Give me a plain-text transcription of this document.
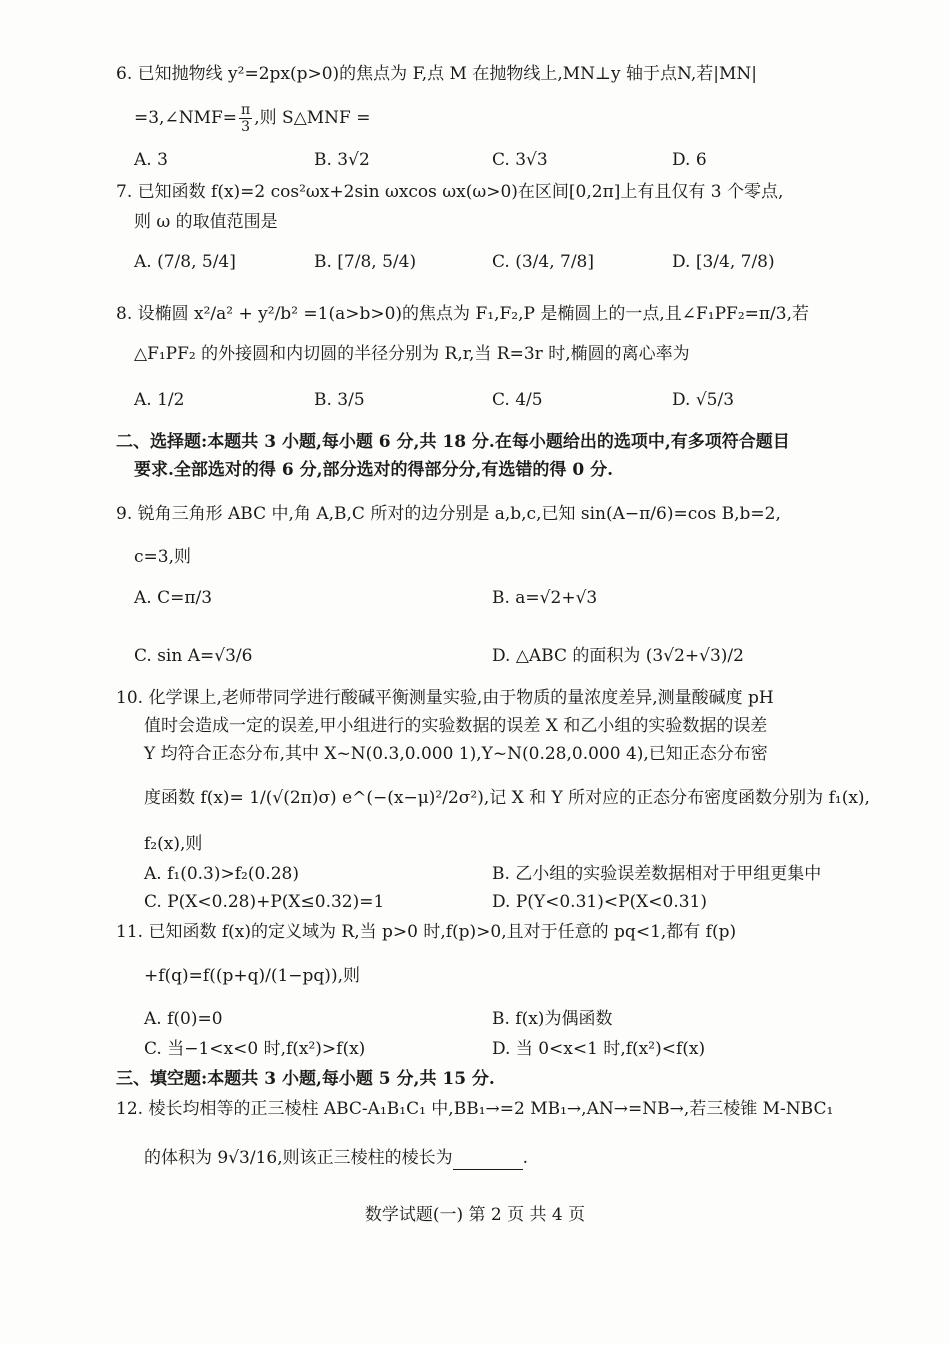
6. 已知抛物线 y²=2px(p>0)的焦点为 F,点 M 在抛物线上,MN⊥y 轴于点N,若|MN|
=3,∠NMF= $\frac{\pi}{3}$ ,则 S△MNF =
A. 3	B. 3√2	C. 3√3	D. 6
7. 已知函数 f(x)=2 cos²ωx+2sin ωxcos ωx(ω>0)在区间[0,2π]上有且仅有 3 个零点,
则 ω 的取值范围是
A. (7/8, 5/4]	B. [7/8, 5/4)	C. (3/4, 7/8]	D. [3/4, 7/8)
8. 设椭圆 x²/a² + y²/b² =1(a>b>0)的焦点为 F₁,F₂,P 是椭圆上的一点,且∠F₁PF₂=π/3,若
△F₁PF₂ 的外接圆和内切圆的半径分别为 R,r,当 R=3r 时,椭圆的离心率为
A. 1/2	B. 3/5	C. 4/5	D. √5/3
二、选择题:本题共 3 小题,每小题 6 分,共 18 分.在每小题给出的选项中,有多项符合题目
要求.全部选对的得 6 分,部分选对的得部分分,有选错的得 0 分.
9. 锐角三角形 ABC 中,角 A,B,C 所对的边分别是 a,b,c,已知 sin(A−π/6)=cos B,b=2,
c=3,则
A. C=π/3	B. a=√2+√3
C. sin A=√3/6	D. △ABC 的面积为 (3√2+√3)/2
10. 化学课上,老师带同学进行酸碱平衡测量实验,由于物质的量浓度差异,测量酸碱度 pH
值时会造成一定的误差,甲小组进行的实验数据的误差 X 和乙小组的实验数据的误差
Y 均符合正态分布,其中 X~N(0.3,0.000 1),Y~N(0.28,0.000 4),已知正态分布密
度函数 f(x)= 1/(√(2π)σ) e^(−(x−μ)²/2σ²),记 X 和 Y 所对应的正态分布密度函数分别为 f₁(x),
f₂(x),则
A. f₁(0.3)>f₂(0.28)	B. 乙小组的实验误差数据相对于甲组更集中
C. P(X<0.28)+P(X≤0.32)=1	D. P(Y<0.31)<P(X<0.31)
11. 已知函数 f(x)的定义域为 R,当 p>0 时,f(p)>0,且对于任意的 pq<1,都有 f(p)
+f(q)=f((p+q)/(1−pq)),则
A. f(0)=0	B. f(x)为偶函数
C. 当−1<x<0 时,f(x²)>f(x)	D. 当 0<x<1 时,f(x²)<f(x)
三、填空题:本题共 3 小题,每小题 5 分,共 15 分.
12. 棱长均相等的正三棱柱 ABC-A₁B₁C₁ 中,BB₁→=2 MB₁→,AN→=NB→,若三棱锥 M-NBC₁
的体积为 9√3/16,则该正三棱柱的棱长为	.
数学试题(一) 第 2 页 共 4 页
